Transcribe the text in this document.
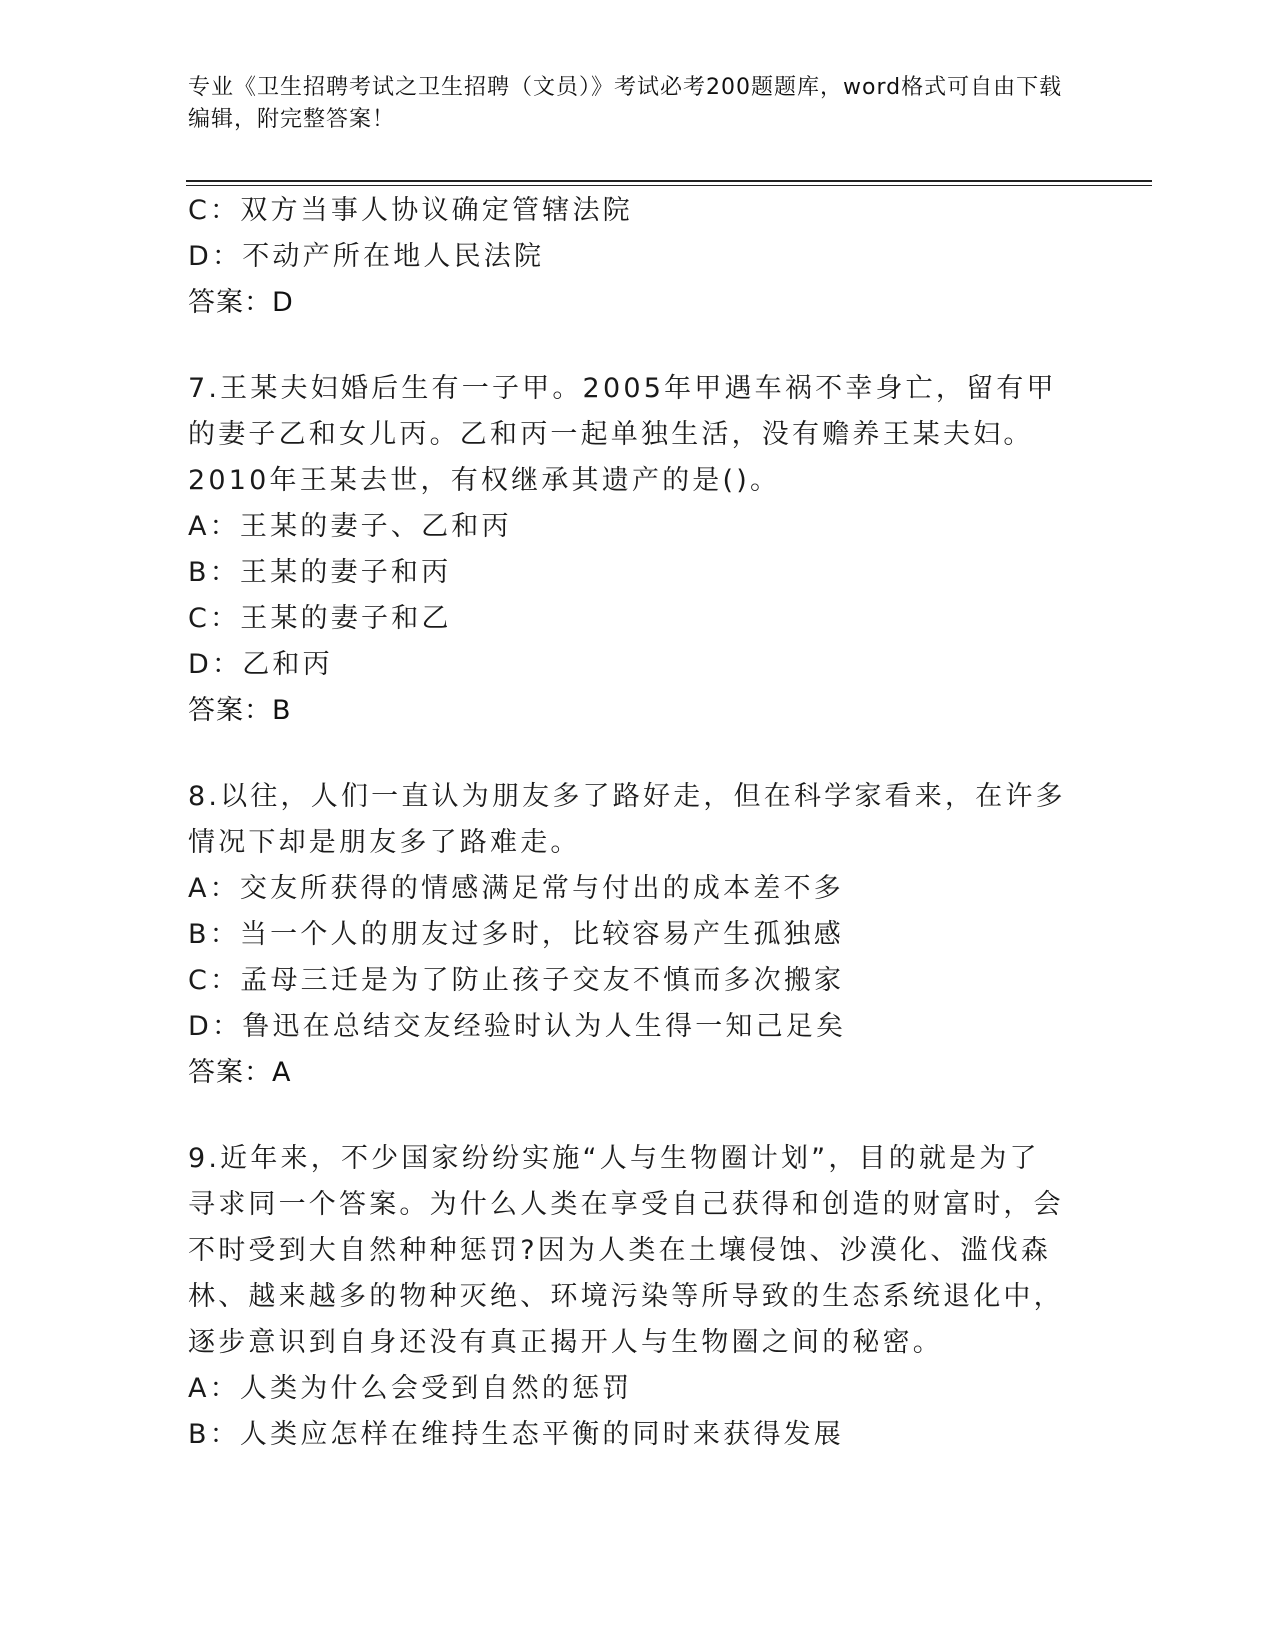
专业《卫生招聘考试之卫生招聘（文员）》考试必考200题题库，word格式可自由下载编辑，附完整答案！
C：双方当事人协议确定管辖法院
D：不动产所在地人民法院
答案：D
7.王某夫妇婚后生有一子甲。2005年甲遇车祸不幸身亡，留有甲的妻子乙和女儿丙。乙和丙一起单独生活，没有赡养王某夫妇。2010年王某去世，有权继承其遗产的是()。
A：王某的妻子、乙和丙
B：王某的妻子和丙
C：王某的妻子和乙
D：乙和丙
答案：B
8.以往，人们一直认为朋友多了路好走，但在科学家看来，在许多情况下却是朋友多了路难走。
A：交友所获得的情感满足常与付出的成本差不多
B：当一个人的朋友过多时，比较容易产生孤独感
C：孟母三迁是为了防止孩子交友不慎而多次搬家
D：鲁迅在总结交友经验时认为人生得一知己足矣
答案：A
9.近年来，不少国家纷纷实施“人与生物圈计划”，目的就是为了寻求同一个答案。为什么人类在享受自己获得和创造的财富时，会不时受到大自然种种惩罚?因为人类在土壤侵蚀、沙漠化、滥伐森林、越来越多的物种灭绝、环境污染等所导致的生态系统退化中，逐步意识到自身还没有真正揭开人与生物圈之间的秘密。
A：人类为什么会受到自然的惩罚
B：人类应怎样在维持生态平衡的同时来获得发展
